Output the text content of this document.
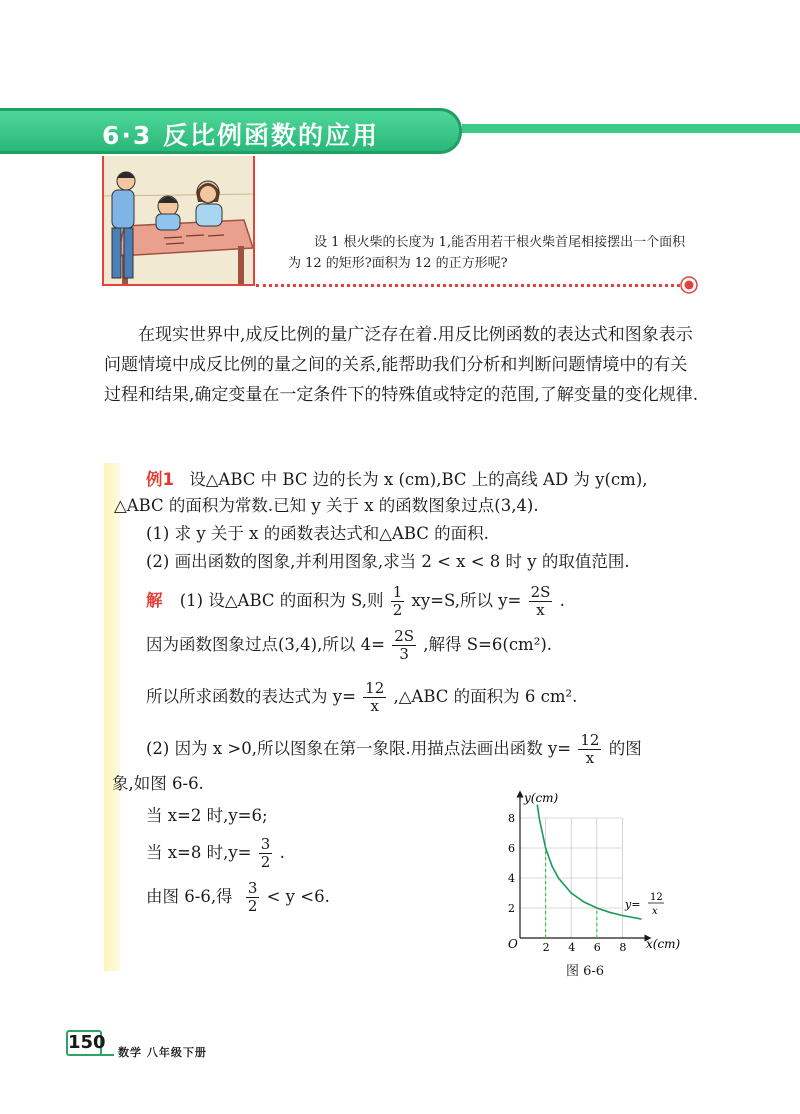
6·3 反比例函数的应用
设 1 根火柴的长度为 1,能否用若干根火柴首尾相接摆出一个面积为 12 的矩形?面积为 12 的正方形呢?
在现实世界中,成反比例的量广泛存在着.用反比例函数的表达式和图象表示问题情境中成反比例的量之间的关系,能帮助我们分析和判断问题情境中的有关过程和结果,确定变量在一定条件下的特殊值或特定的范围,了解变量的变化规律.
例1 设△ABC 中 BC 边的长为 x (cm),BC 上的高线 AD 为 y(cm),
△ABC 的面积为常数.已知 y 关于 x 的函数图象过点(3,4).
(1) 求 y 关于 x 的函数表达式和△ABC 的面积.
(2) 画出函数的图象,并利用图象,求当 2 < x < 8 时 y 的取值范围.
解 (1) 设△ABC 的面积为 S,则 $\frac{1}{2} xy=S$,所以 $y= \frac{2S}{x}$ .
因为函数图象过点(3,4),所以 $4= \frac{2S}{3}$ ,解得 S=6(cm²).
所以所求函数的表达式为 $y= \frac{12}{x}$ ,△ABC 的面积为 6 cm².
(2) 因为 x >0,所以图象在第一象限.用描点法画出函数 $y= \frac{12}{x}$ 的图
象,如图 6-6.
当 x=2 时,y=6;
当 x=8 时$,y= \frac{3}{2}$ .
由图 6-6,得 $\frac{3}{2} < y <6$.
2 4 6 8
2
4
6
8
y(cm)
x(cm)
O
y=
12
x
图 6-6
150 数学 八年级下册
